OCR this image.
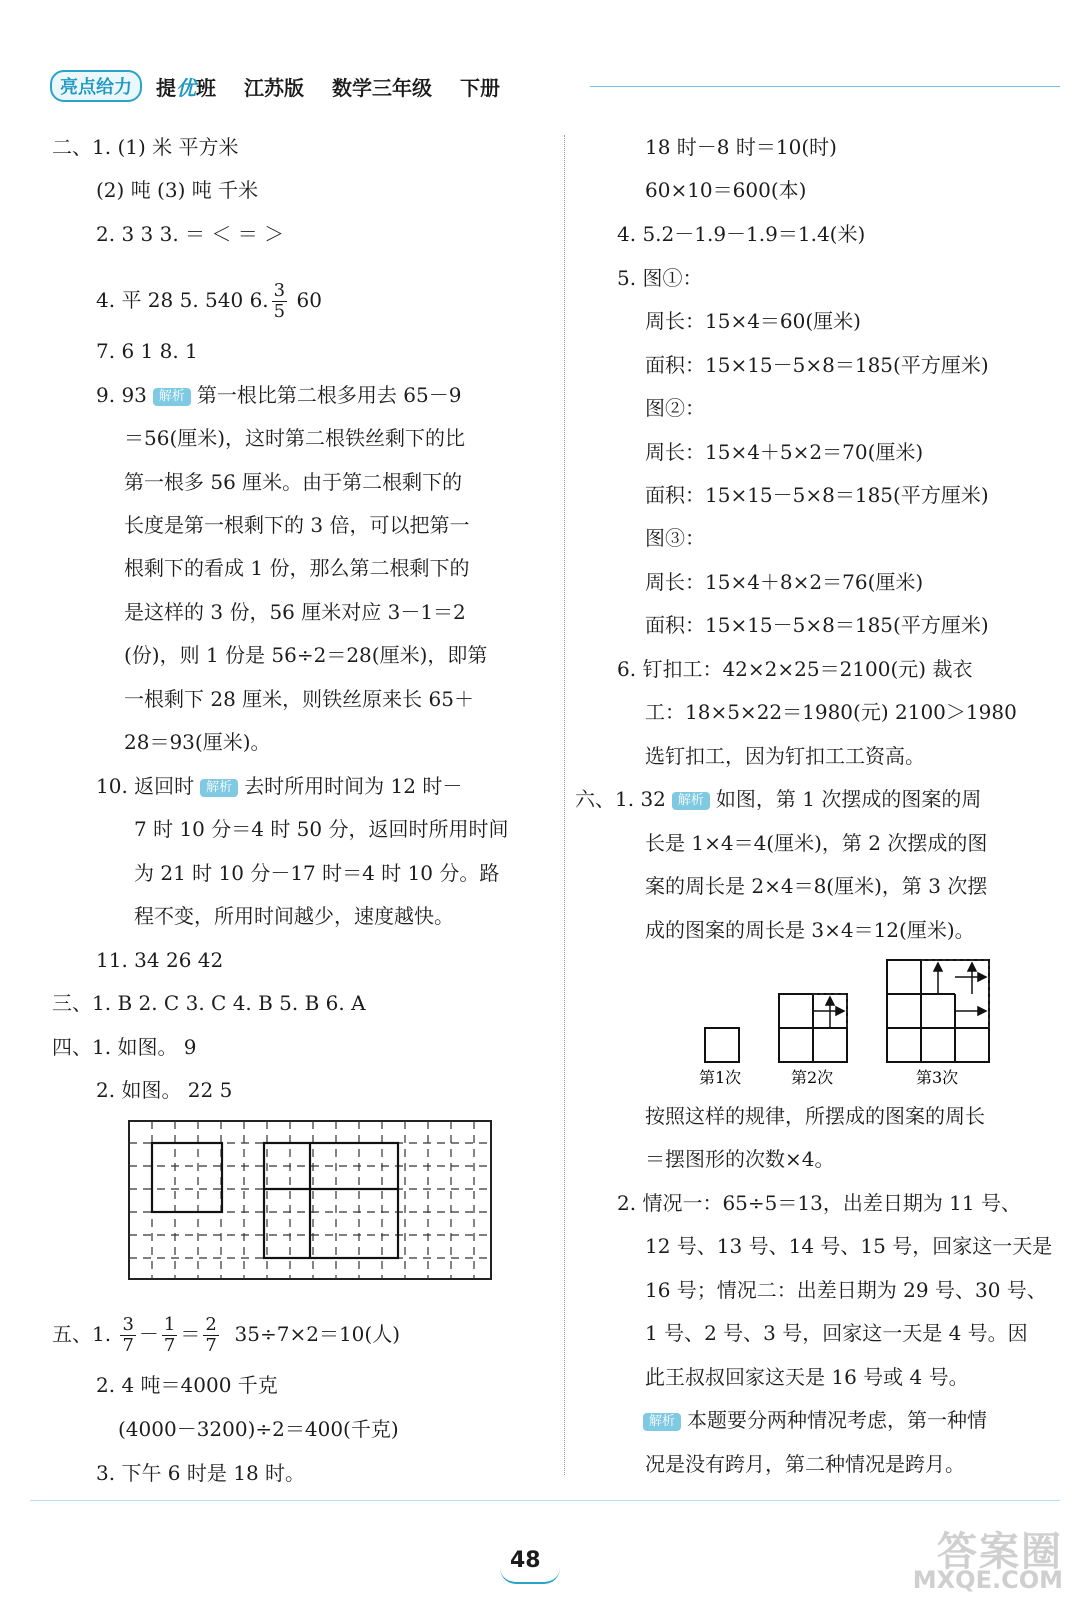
亮点给力	提优班 江苏版 数学三年级 下册
二、1. (1) 米 平方米
(2) 吨 (3) 吨 千米
2. 3 3 3. ＝ ＜ ＝ ＞
4. 平 28 5. 540 6. $\frac{3}{5} 60$
7. 6 1 8. 1
9. 93 解析 第一根比第二根多用去 65－9
＝56(厘米)，这时第二根铁丝剩下的比
第一根多 56 厘米。由于第二根剩下的
长度是第一根剩下的 3 倍，可以把第一
根剩下的看成 1 份，那么第二根剩下的
是这样的 3 份，56 厘米对应 3－1＝2
(份)，则 1 份是 56÷2＝28(厘米)，即第
一根剩下 28 厘米，则铁丝原来长 65＋
28＝93(厘米)。
10. 返回时 解析 去时所用时间为 12 时－
7 时 10 分＝4 时 50 分，返回时所用时间
为 21 时 10 分－17 时＝4 时 10 分。路
程不变，所用时间越少，速度越快。
11. 34 26 42
三、1. B 2. C 3. C 4. B 5. B 6. A
四、1. 如图。 9
2. 如图。 22 5
五、1. $\frac{3}{7} - \frac{1}{7} = \frac{2}{7} 35\div 7\times 2=10$(人)
2. 4 吨＝4000 千克
(4000－3200)÷2＝400(千克)
3. 下午 6 时是 18 时。
18 时－8 时＝10(时)
60×10＝600(本)
4. 5.2－1.9－1.9＝1.4(米)
5. 图①：
周长：15×4＝60(厘米)
面积：15×15－5×8＝185(平方厘米)
图②：
周长：15×4＋5×2＝70(厘米)
面积：15×15－5×8＝185(平方厘米)
图③：
周长：15×4＋8×2＝76(厘米)
面积：15×15－5×8＝185(平方厘米)
6. 钉扣工：42×2×25＝2100(元) 裁衣
工：18×5×22＝1980(元) 2100＞1980
选钉扣工，因为钉扣工工资高。
六、1. 32 解析 如图，第 1 次摆成的图案的周
长是 1×4＝4(厘米)，第 2 次摆成的图
案的周长是 2×4＝8(厘米)，第 3 次摆
成的图案的周长是 3×4＝12(厘米)。
第1次	第2次	第3次
按照这样的规律，所摆成的图案的周长
＝摆图形的次数×4。
2. 情况一：65÷5＝13，出差日期为 11 号、
12 号、13 号、14 号、15 号，回家这一天是
16 号；情况二：出差日期为 29 号、30 号、
1 号、2 号、3 号，回家这一天是 4 号。因
此王叔叔回家这天是 16 号或 4 号。
解析 本题要分两种情况考虑，第一种情
况是没有跨月，第二种情况是跨月。
48	答案圈
MXQE.COM
